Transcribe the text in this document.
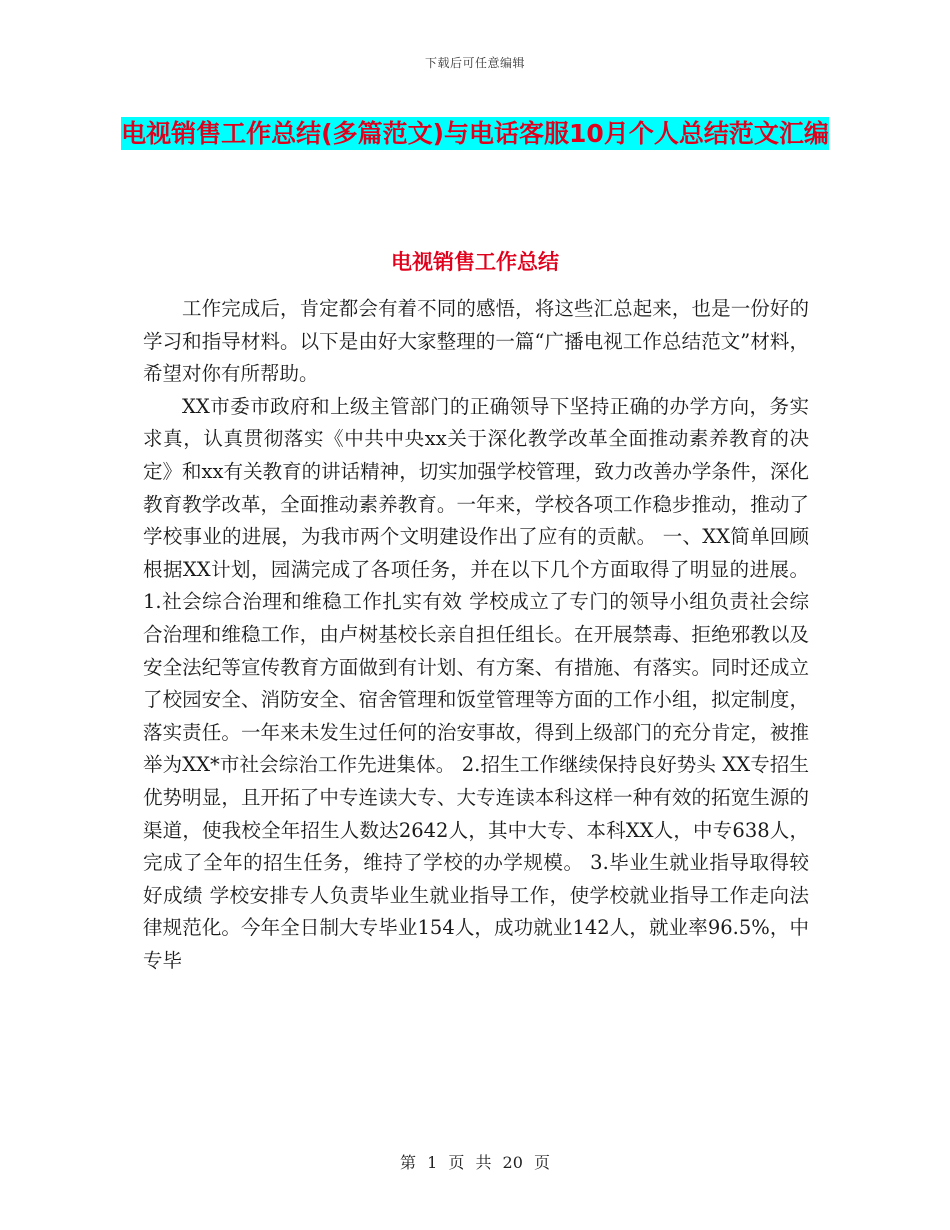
下载后可任意编辑
电视销售工作总结(多篇范文)与电话客服10月个人总结范文汇编
电视销售工作总结

工作完成后，肯定都会有着不同的感悟，将这些汇总起来，也是一份好的学习和指导材料。以下是由好大家整理的一篇“广播电视工作总结范文”材料，希望对你有所帮助。

XX市委市政府和上级主管部门的正确领导下坚持正确的办学方向，务实求真，认真贯彻落实《中共中央xx关于深化教学改革全面推动素养教育的决定》和xx有关教育的讲话精神，切实加强学校管理，致力改善办学条件，深化教育教学改革，全面推动素养教育。一年来，学校各项工作稳步推动，推动了学校事业的进展，为我市两个文明建设作出了应有的贡献。 一、XX简单回顾 根据XX计划，园满完成了各项任务，并在以下几个方面取得了明显的进展。 1.社会综合治理和维稳工作扎实有效 学校成立了专门的领导小组负责社会综合治理和维稳工作，由卢树基校长亲自担任组长。在开展禁毒、拒绝邪教以及安全法纪等宣传教育方面做到有计划、有方案、有措施、有落实。同时还成立了校园安全、消防安全、宿舍管理和饭堂管理等方面的工作小组，拟定制度，落实责任。一年来未发生过任何的治安事故，得到上级部门的充分肯定，被推举为XX*市社会综治工作先进集体。 2.招生工作继续保持良好势头 XX专招生优势明显，且开拓了中专连读大专、大专连读本科这样一种有效的拓宽生源的渠道，使我校全年招生人数达2642人，其中大专、本科XX人，中专638人，完成了全年的招生任务，维持了学校的办学规模。 3.毕业生就业指导取得较好成绩 学校安排专人负责毕业生就业指导工作，使学校就业指导工作走向法律规范化。今年全日制大专毕业154人，成功就业142人，就业率96.5%，中专毕

第 1 页 共 20 页
